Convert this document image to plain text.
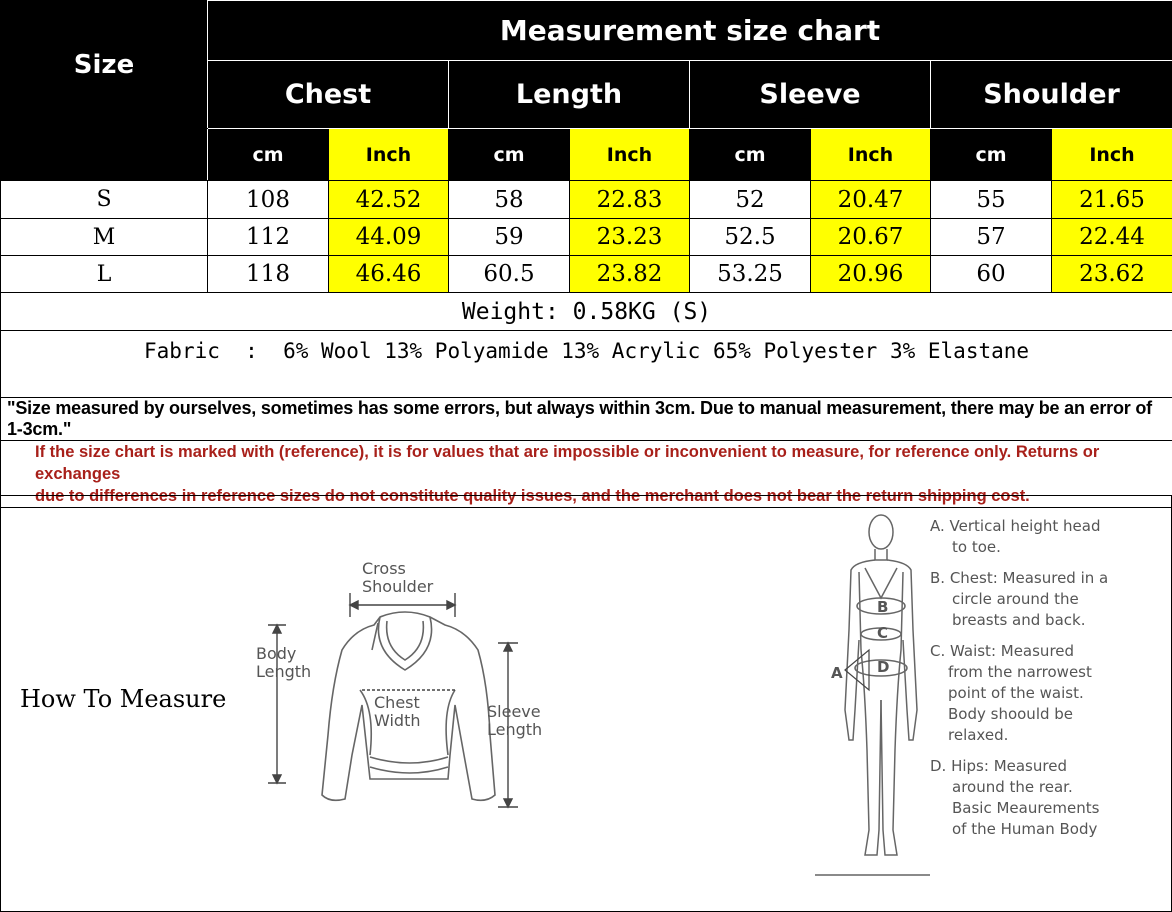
Size	Measurement size chart							
	Chest		Length		Sleeve		Shoulder	
	cm	Inch	cm	Inch	cm	Inch	cm	Inch
S	108	42.52	58	22.83	52	20.47	55	21.65
M	112	44.09	59	23.23	52.5	20.67	57	22.44
L	118	46.46	60.5	23.82	53.25	20.96	60	23.62
Weight: 0.58KG (S)								
Fabric  :  6% Wool 13% Polyamide 13% Acrylic 65% Polyester 3% Elastane								
"Size measured by ourselves, sometimes has some errors, but always within 3cm. Due to manual measurement, there may be an error of 1-3cm."								

If the size chart is marked with (reference), it is for values that are impossible or inconvenient to measure, for reference only. Returns or exchanges
due to differences in reference sizes do not constitute quality issues, and the merchant does not bear the return shipping cost.								
How To Measure
Cross
Shoulder
Body
Length
Chest
Width	Sleeve
Length
B
C
D
A

A. Vertical height head
to toe.

B. Chest: Measured in a
circle around the
breasts and back.

C. Waist: Measured
from the narrowest
point of the waist.
Body shoould be
relaxed.

D. Hips: Measured
around the rear.
Basic Meaurements
of the Human Body
